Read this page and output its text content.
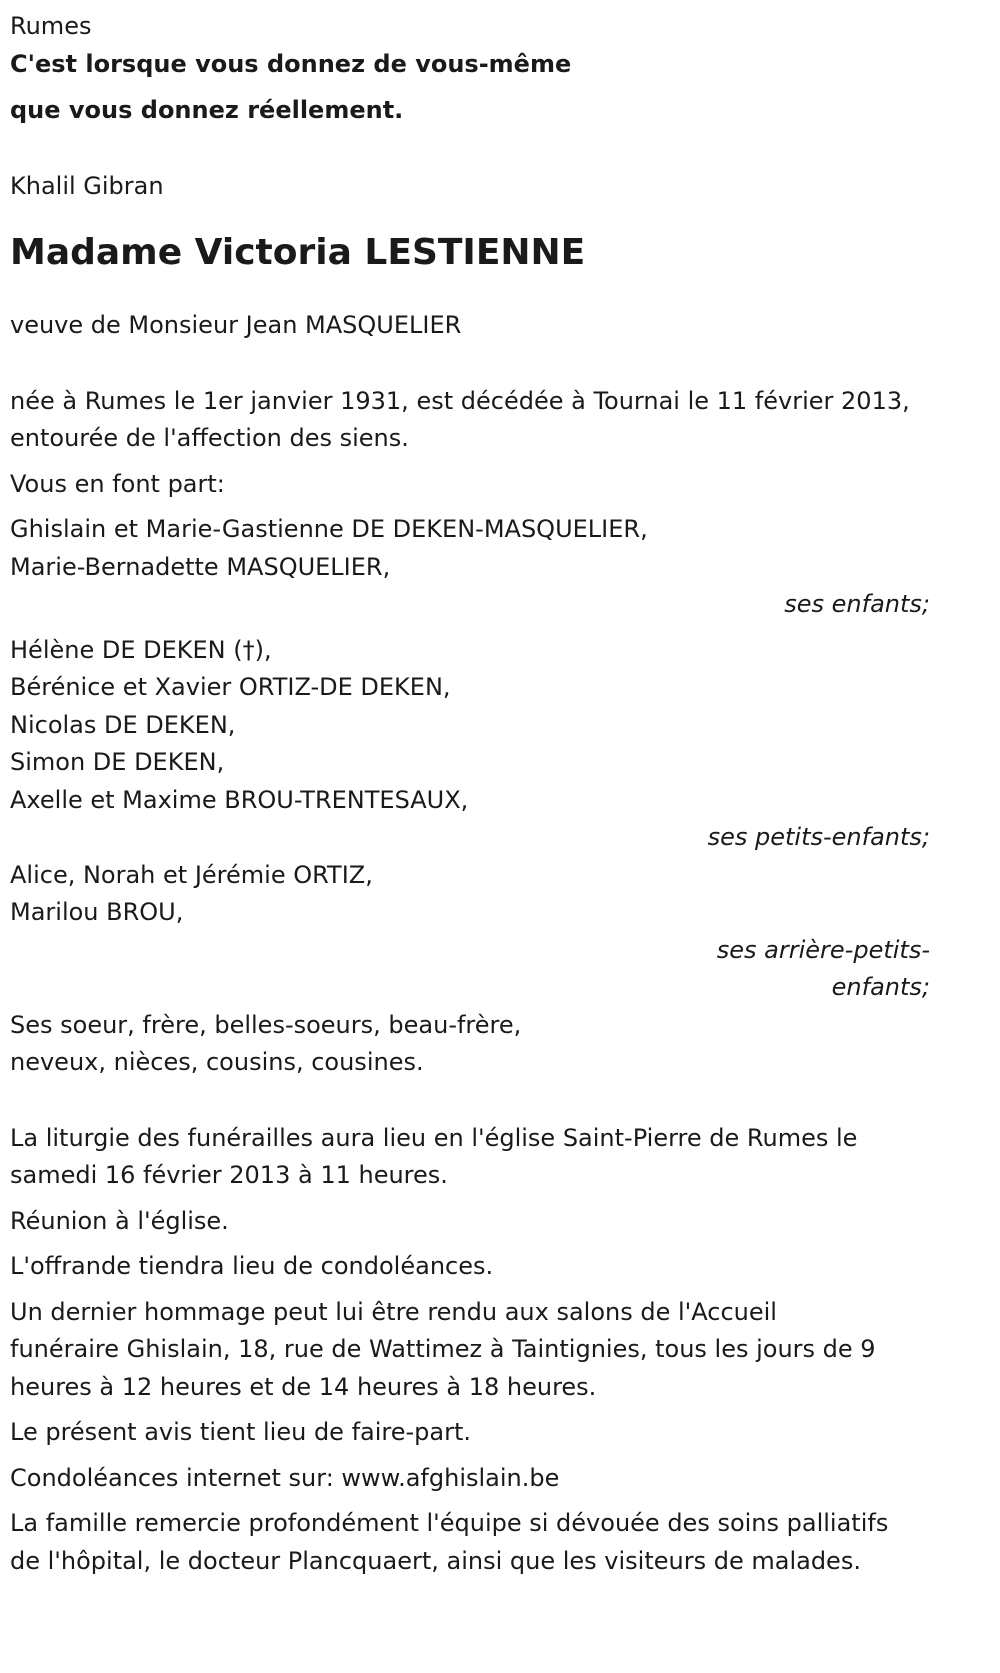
Rumes
C'est lorsque vous donnez de vous-même
que vous donnez réellement.
Khalil Gibran
Madame Victoria LESTIENNE
veuve de Monsieur Jean MASQUELIER
née à Rumes le 1er janvier 1931, est décédée à Tournai le 11 février 2013,
entourée de l'affection des siens.
Vous en font part:
Ghislain et Marie-Gastienne DE DEKEN-MASQUELIER,
Marie-Bernadette MASQUELIER,
ses enfants;
Hélène DE DEKEN (†),
Bérénice et Xavier ORTIZ-DE DEKEN,
Nicolas DE DEKEN,
Simon DE DEKEN,
Axelle et Maxime BROU-TRENTESAUX,
ses petits-enfants;
Alice, Norah et Jérémie ORTIZ,
Marilou BROU,
ses arrière-petits-
enfants;
Ses soeur, frère, belles-soeurs, beau-frère,
neveux, nièces, cousins, cousines.
La liturgie des funérailles aura lieu en l'église Saint-Pierre de Rumes le
samedi 16 février 2013 à 11 heures.
Réunion à l'église.
L'offrande tiendra lieu de condoléances.
Un dernier hommage peut lui être rendu aux salons de l'Accueil
funéraire Ghislain, 18, rue de Wattimez à Taintignies, tous les jours de 9
heures à 12 heures et de 14 heures à 18 heures.
Le présent avis tient lieu de faire-part.
Condoléances internet sur: www.afghislain.be
La famille remercie profondément l'équipe si dévouée des soins palliatifs
de l'hôpital, le docteur Plancquaert, ainsi que les visiteurs de malades.
